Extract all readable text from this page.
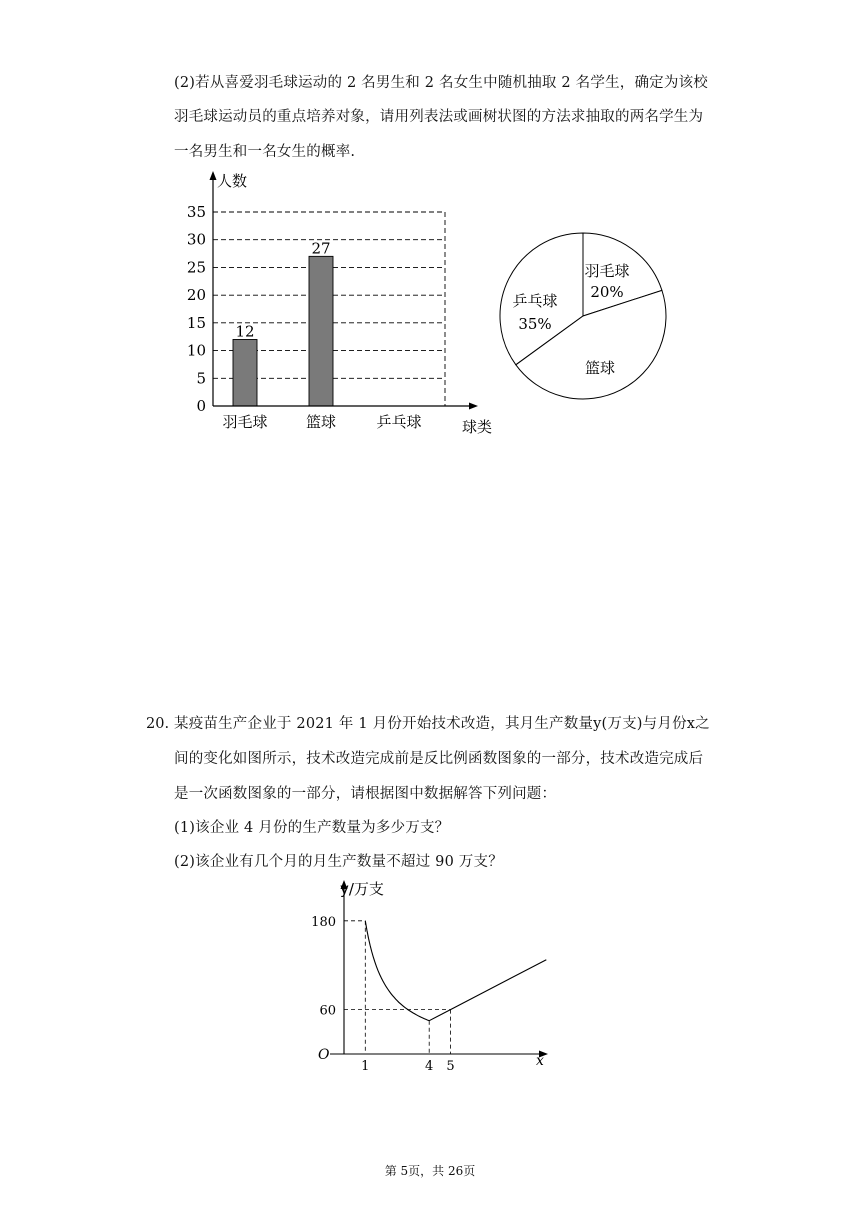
(2)若从喜爱羽毛球运动的 2 名男生和 2 名女生中随机抽取 2 名学生，确定为该校
羽毛球运动员的重点培养对象，请用列表法或画树状图的方法求抽取的两名学生为
一名男生和一名女生的概率.
12
27
0
5
10
15
20
25
30
35
羽毛球	篮球	乒乓球
人数
球类
羽毛球
20%
乒乓球
35%
篮球
20. 某疫苗生产企业于 2021 年 1 月份开始技术改造，其月生产数量y(万支)与月份x之
间的变化如图所示，技术改造完成前是反比例函数图象的一部分，技术改造完成后
是一次函数图象的一部分，请根据图中数据解答下列问题：
(1)该企业 4 月份的生产数量为多少万支？
(2)该企业有几个月的月生产数量不超过 90 万支？
y/万支
x
O
1	4 5
180
60
第 5页，共 26页
